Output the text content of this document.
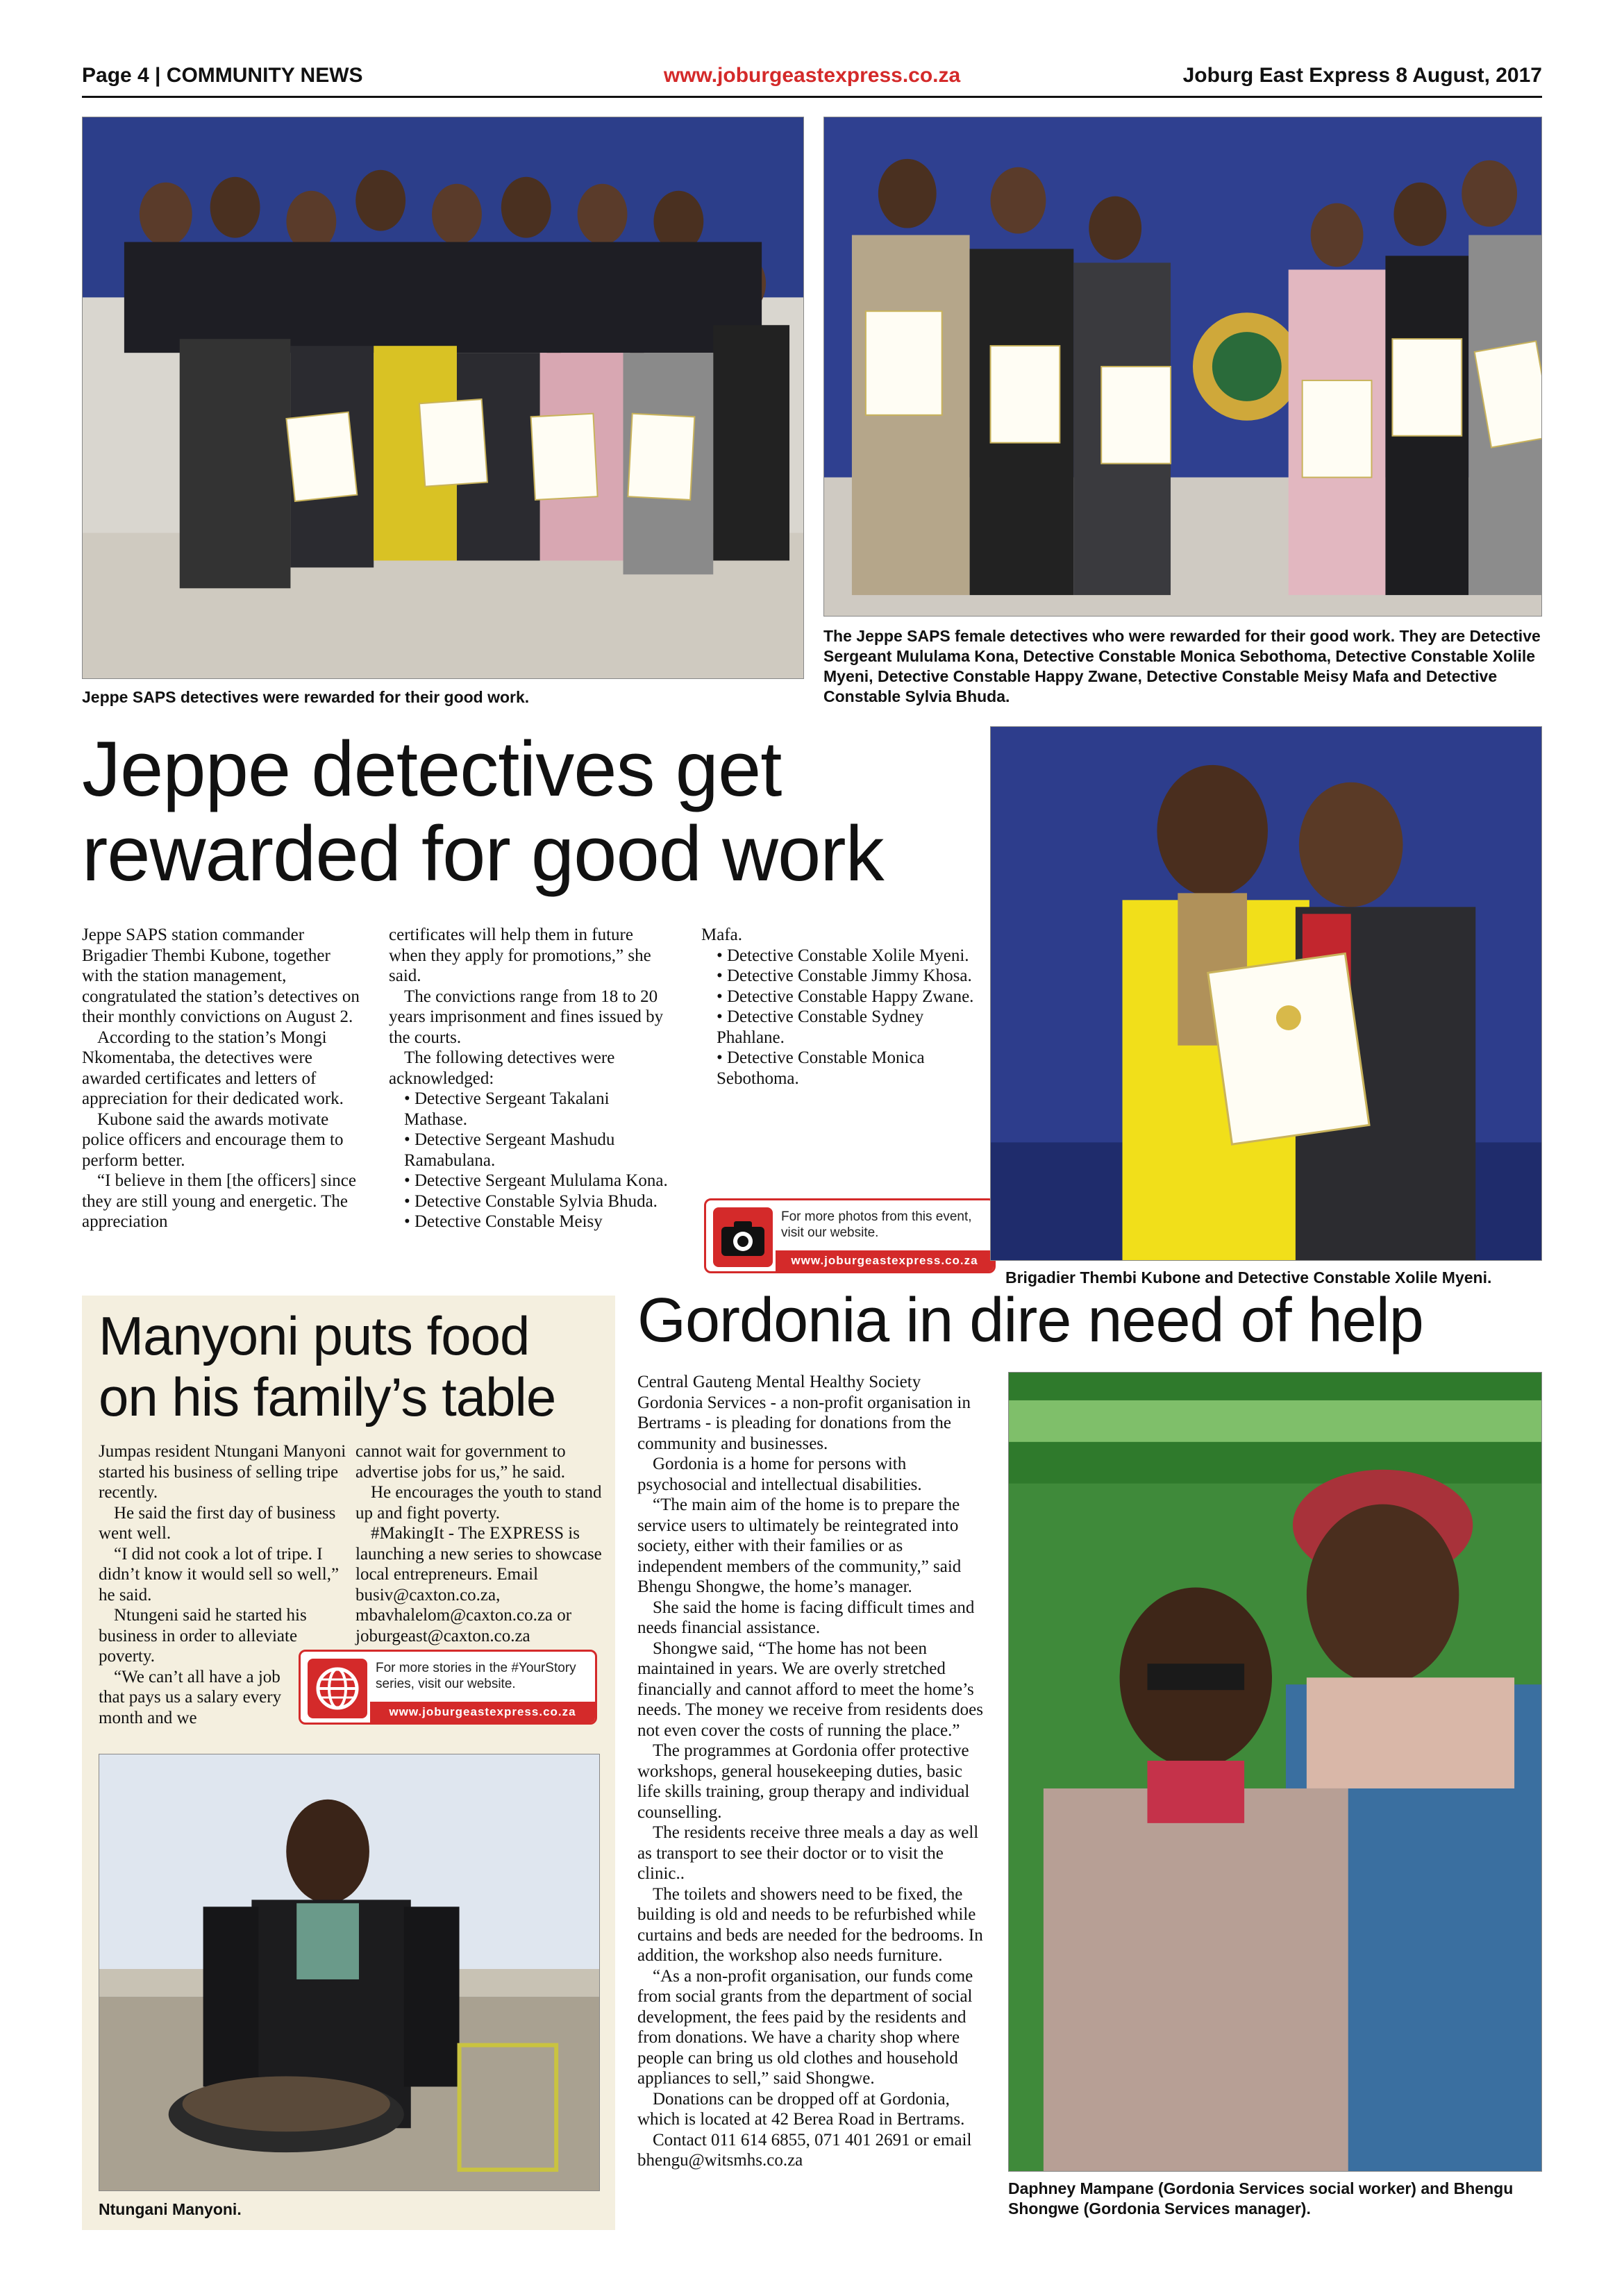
Page 4 | COMMUNITY NEWS	www.joburgeastexpress.co.za	Joburg East Express 8 August, 2017
Jeppe SAPS detectives were rewarded for their good work.
The Jeppe SAPS female detectives who were rewarded for their good work. They are Detective Sergeant Mululama Kona, Detective Constable Monica Sebothoma, Detective Constable Xolile Myeni, Detective Constable Happy Zwane, Detective Constable Meisy Mafa and Detective Constable Sylvia Bhuda.
Jeppe detectives get
rewarded for good work

Jeppe SAPS station commander Brigadier Thembi Kubone, together with the station management, congratulated the station’s detectives on their monthly convictions on August 2.

According to the station’s Mongi Nkomentaba, the detectives were awarded certificates and letters of appreciation for their dedicated work.

Kubone said the awards motivate police officers and encourage them to perform better.

“I believe in them [the officers] since they are still young and energetic. The appreciation

certificates will help them in future when they apply for promotions,” she said.

The convictions range from 18 to 20 years imprisonment and fines issued by the courts.

The following detectives were acknowledged:

• Detective Sergeant Takalani Mathase.

• Detective Sergeant Mashudu Ramabulana.

• Detective Sergeant Mululama Kona.

• Detective Constable Sylvia Bhuda.

• Detective Constable Meisy

Mafa.

• Detective Constable Xolile Myeni.

• Detective Constable Jimmy Khosa.

• Detective Constable Happy Zwane.

• Detective Constable Sydney Phahlane.

• Detective Constable Monica Sebothoma.

For more photos from this event, visit our website.
www.joburgeastexpress.co.za
Brigadier Thembi Kubone and Detective Constable Xolile Myeni.
Manyoni puts food
on his family’s table

Jumpas resident Ntungani Manyoni started his business of selling tripe recently.

He said the first day of business went well.

“I did not cook a lot of tripe. I didn’t know it would sell so well,” he said.

Ntungeni said he started his business in order to alleviate poverty.

“We can’t all have a job that pays us a salary every month and we

cannot wait for government to advertise jobs for us,” he said.

He encourages the youth to stand up and fight poverty.

#MakingIt - The EXPRESS is launching a new series to showcase local entrepreneurs. Email busiv@caxton.co.za, mbavhalelom@caxton.co.za or joburgeast@caxton.co.za

For more stories in the #YourStory series, visit our website.
www.joburgeastexpress.co.za
Ntungani Manyoni.
Gordonia in dire need of help

Central Gauteng Mental Healthy Society Gordonia Services - a non-profit organisation in Bertrams - is pleading for donations from the community and businesses.

Gordonia is a home for persons with psychosocial and intellectual disabilities.

“The main aim of the home is to prepare the service users to ultimately be reintegrated into society, either with their families or as independent members of the community,” said Bhengu Shongwe, the home’s manager.

She said the home is facing difficult times and needs financial assistance.

Shongwe said, “The home has not been maintained in years. We are overly stretched financially and cannot afford to meet the home’s needs. The money we receive from residents does not even cover the costs of running the place.”

The programmes at Gordonia offer protective workshops, general housekeeping duties, basic life skills training, group therapy and individual counselling.

The residents receive three meals a day as well as transport to see their doctor or to visit the clinic..

The toilets and showers need to be fixed, the building is old and needs to be refurbished while curtains and beds are needed for the bedrooms. In addition, the workshop also needs furniture.

“As a non-profit organisation, our funds come from social grants from the department of social development, the fees paid by the residents and from donations. We have a charity shop where people can bring us old clothes and household appliances to sell,” said Shongwe.

Donations can be dropped off at Gordonia, which is located at 42 Berea Road in Bertrams.

Contact 011 614 6855, 071 401 2691 or email bhengu@witsmhs.co.za

Daphney Mampane (Gordonia Services social worker) and Bhengu Shongwe (Gordonia Services manager).
